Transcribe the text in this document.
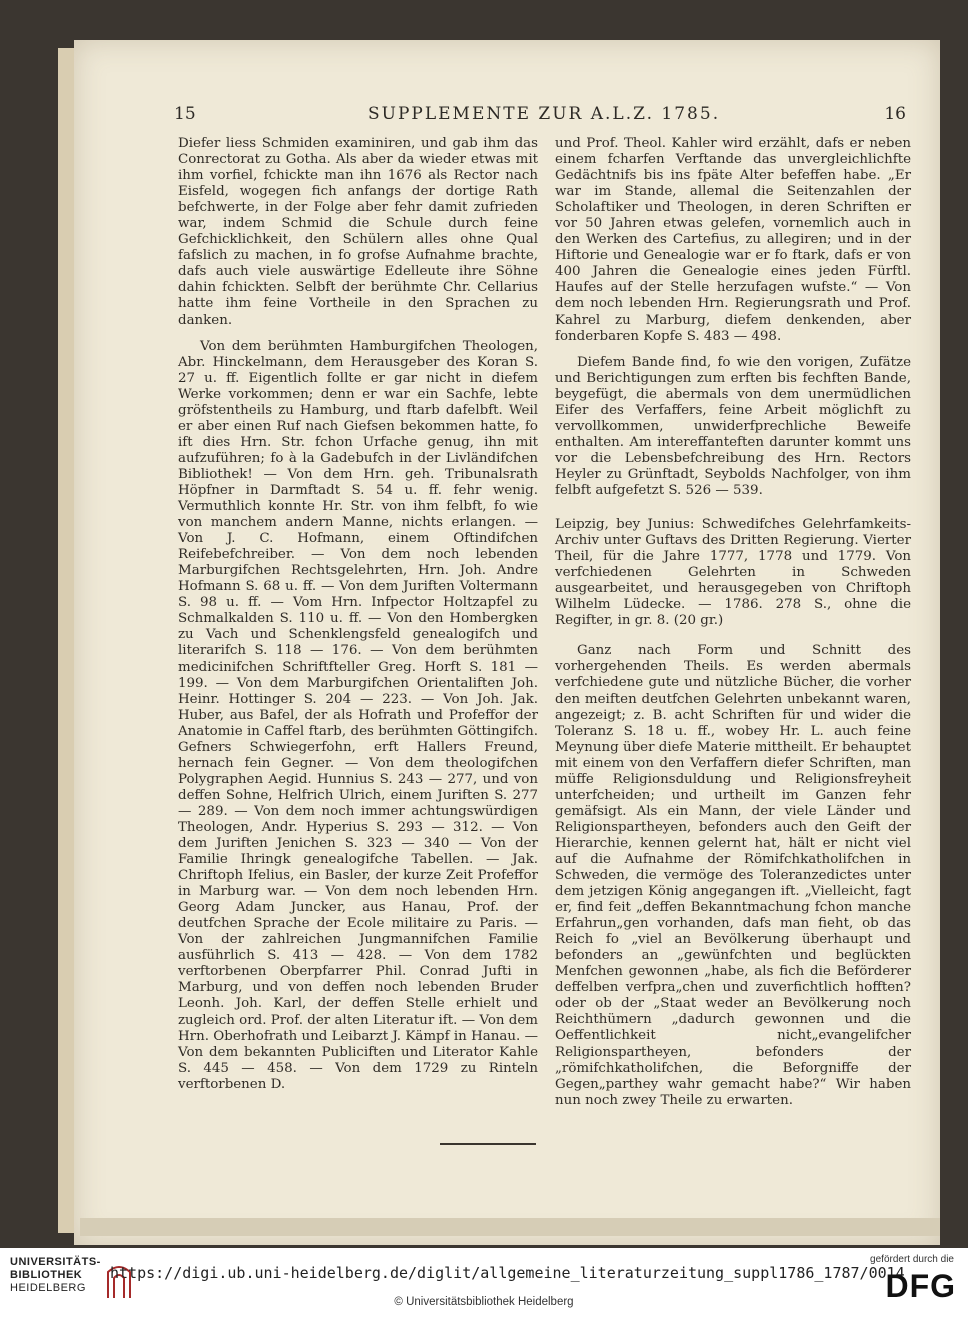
15	SUPPLEMENTE ZUR A.L.Z. 1785.	16

Diefer liess Schmiden examiniren, und gab ihm das Conrectorat zu Gotha. Als aber da wieder etwas mit ihm vorfiel, fchickte man ihn 1676 als Rector nach Eisfeld, wogegen fich anfangs der dortige Rath befchwerte, in der Folge aber fehr damit zufrieden war, indem Schmid die Schule durch feine Gefchicklichkeit, den Schülern alles ohne Qual fafslich zu machen, in fo grofse Aufnahme brachte, dafs auch viele auswärtige Edelleute ihre Söhne dahin fchickten. Selbft der berühmte Chr. Cellarius hatte ihm feine Vortheile in den Sprachen zu danken.

Von dem berühmten Hamburgifchen Theologen, Abr. Hinckelmann, dem Herausgeber des Koran S. 27 u. ff. Eigentlich follte er gar nicht in diefem Werke vorkommen; denn er war ein Sachfe, lebte gröfstentheils zu Hamburg, und ftarb dafelbft. Weil er aber einen Ruf nach Giefsen bekommen hatte, fo ift dies Hrn. Str. fchon Urfache genug, ihn mit aufzuführen; fo à la Gadebufch in der Livländifchen Bibliothek! — Von dem Hrn. geh. Tribunalsrath Höpfner in Darmftadt S. 54 u. ff. fehr wenig. Vermuthlich konnte Hr. Str. von ihm felbft, fo wie von manchem andern Manne, nichts erlangen. — Von J. C. Hofmann, einem Oftindifchen Reifebefchreiber. — Von dem noch lebenden Marburgifchen Rechtsgelehrten, Hrn. Joh. Andre Hofmann S. 68 u. ff. — Von dem Juriften Voltermann S. 98 u. ff. — Vom Hrn. Infpector Holtzapfel zu Schmalkalden S. 110 u. ff. — Von den Hombergken zu Vach und Schenklengsfeld genealogifch und literarifch S. 118 — 176. — Von dem berühmten medicinifchen Schriftfteller Greg. Horft S. 181 — 199. — Von dem Marburgifchen Orientaliften Joh. Heinr. Hottinger S. 204 — 223. — Von Joh. Jak. Huber, aus Bafel, der als Hofrath und Profeffor der Anatomie in Caffel ftarb, des berühmten Göttingifch. Gefners Schwiegerfohn, erft Hallers Freund, hernach fein Gegner. — Von dem theologifchen Polygraphen Aegid. Hunnius S. 243 — 277, und von deffen Sohne, Helfrich Ulrich, einem Juriften S. 277 — 289. — Von dem noch immer achtungswürdigen Theologen, Andr. Hyperius S. 293 — 312. — Von dem Juriften Jenichen S. 323 — 340 — Von der Familie Ihringk genealogifche Tabellen. — Jak. Chriftoph Ifelius, ein Basler, der kurze Zeit Profeffor in Marburg war. — Von dem noch lebenden Hrn. Georg Adam Juncker, aus Hanau, Prof. der deutfchen Sprache der Ecole militaire zu Paris. — Von der zahlreichen Jungmannifchen Familie ausführlich S. 413 — 428. — Von dem 1782 verftorbenen Oberpfarrer Phil. Conrad Jufti in Marburg, und von deffen noch lebenden Bruder Leonh. Joh. Karl, der deffen Stelle erhielt und zugleich ord. Prof. der alten Literatur ift. — Von dem Hrn. Oberhofrath und Leibarzt J. Kämpf in Hanau. — Von dem bekannten Publiciften und Literator Kahle S. 445 — 458. — Von dem 1729 zu Rinteln verftorbenen D.

und Prof. Theol. Kahler wird erzählt, dafs er neben einem fcharfen Verftande das unvergleichlichfte Gedächtnifs bis ins fpäte Alter befeffen habe. „Er war im Stande, allemal die Seitenzahlen der Scholaftiker und Theologen, in deren Schriften er vor 50 Jahren etwas gelefen, vornemlich auch in den Werken des Cartefius, zu allegiren; und in der Hiftorie und Genealogie war er fo ftark, dafs er von 400 Jahren die Genealogie eines jeden Fürftl. Haufes auf der Stelle herzufagen wufste.“ — Von dem noch lebenden Hrn. Regierungsrath und Prof. Kahrel zu Marburg, diefem denkenden, aber fonderbaren Kopfe S. 483 — 498.

Diefem Bande find, fo wie den vorigen, Zufätze und Berichtigungen zum erften bis fechften Bande, beygefügt, die abermals von dem unermüdlichen Eifer des Verfaffers, feine Arbeit möglichft zu vervollkommen, unwiderfprechliche Beweife enthalten. Am intereffanteften darunter kommt uns vor die Lebensbefchreibung des Hrn. Rectors Heyler zu Grünftadt, Seybolds Nachfolger, von ihm felbft aufgefetzt S. 526 — 539.

Leipzig, bey Junius: Schwedifches Gelehrfamkeits-Archiv unter Guftavs des Dritten Regierung. Vierter Theil, für die Jahre 1777, 1778 und 1779. Von verfchiedenen Gelehrten in Schweden ausgearbeitet, und herausgegeben von Chriftoph Wilhelm Lüdecke. — 1786. 278 S., ohne die Regifter, in gr. 8. (20 gr.)

Ganz nach Form und Schnitt des vorhergehenden Theils. Es werden abermals verfchiedene gute und nützliche Bücher, die vorher den meiften deutfchen Gelehrten unbekannt waren, angezeigt; z. B. acht Schriften für und wider die Toleranz S. 18 u. ff., wobey Hr. L. auch feine Meynung über diefe Materie mittheilt. Er behauptet mit einem von den Verfaffern diefer Schriften, man müffe Religionsduldung und Religionsfreyheit unterfcheiden; und urtheilt im Ganzen fehr gemäfsigt. Als ein Mann, der viele Länder und Religionspartheyen, befonders auch den Geift der Hierarchie, kennen gelernt hat, hält er nicht viel auf die Aufnahme der Römifchkatholifchen in Schweden, die vermöge des Toleranzedictes unter dem jetzigen König angegangen ift. „Vielleicht, fagt er, find feit „deffen Bekanntmachung fchon manche Erfahrun„gen vorhanden, dafs man fieht, ob das Reich fo „viel an Bevölkerung überhaupt und befonders an „gewünfchten und beglückten Menfchen gewonnen „habe, als fich die Beförderer deffelben verfpra„chen und zuverfichtlich hofften? oder ob der „Staat weder an Bevölkerung noch Reichthümern „dadurch gewonnen und die Oeffentlichkeit nicht„evangelifcher Religionspartheyen, befonders der „römifchkatholifchen, die Beforgniffe der Gegen„parthey wahr gemacht habe?“ Wir haben nun noch zwey Theile zu erwarten.

UNIVERSITÄTS-
BIBLIOTHEK
HEIDELBERG
https://digi.ub.uni-heidelberg.de/diglit/allgemeine_literaturzeitung_suppl1786_1787/0014
© Universitätsbibliothek Heidelberg
gefördert durch die
DFG
